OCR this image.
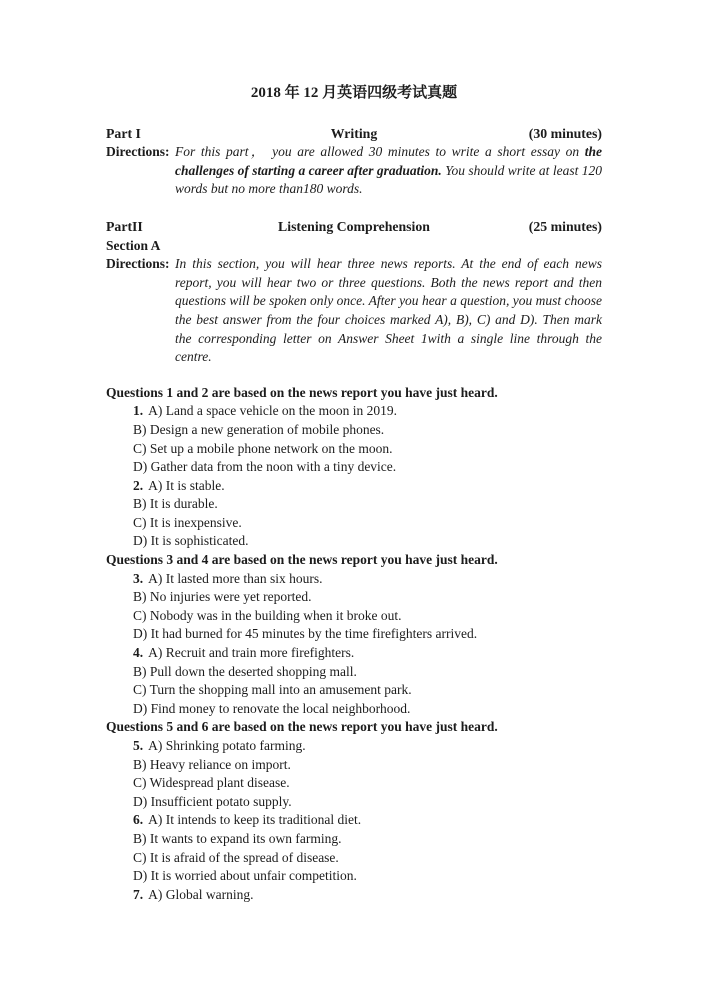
2018 年 12 月英语四级考试真题
Part I	Writing	(30 minutes)
Directions: For this part， you are allowed 30 minutes to write a short essay on the challenges of starting a career after graduation. You should write at least 120 words but no more than180 words.
PartII	Listening Comprehension	(25 minutes)
Section A
Directions: In this section, you will hear three news reports. At the end of each news report, you will hear two or three questions. Both the news report and then questions will be spoken only once. After you hear a question, you must choose the best answer from the four choices marked A), B), C) and D). Then mark the corresponding letter on Answer Sheet 1with a single line through the centre.
Questions 1 and 2 are based on the news report you have just heard.
1. A) Land a space vehicle on the moon in 2019.
B) Design a new generation of mobile phones.
C) Set up a mobile phone network on the moon.
D) Gather data from the noon with a tiny device.
2. A) It is stable.
B) It is durable.
C) It is inexpensive.
D) It is sophisticated.
Questions 3 and 4 are based on the news report you have just heard.
3. A) It lasted more than six hours.
B) No injuries were yet reported.
C) Nobody was in the building when it broke out.
D) It had burned for 45 minutes by the time firefighters arrived.
4. A) Recruit and train more firefighters.
B) Pull down the deserted shopping mall.
C) Turn the shopping mall into an amusement park.
D) Find money to renovate the local neighborhood.
Questions 5 and 6 are based on the news report you have just heard.
5. A) Shrinking potato farming.
B) Heavy reliance on import.
C) Widespread plant disease.
D) Insufficient potato supply.
6. A) It intends to keep its traditional diet.
B) It wants to expand its own farming.
C) It is afraid of the spread of disease.
D) It is worried about unfair competition.
7. A) Global warning.
